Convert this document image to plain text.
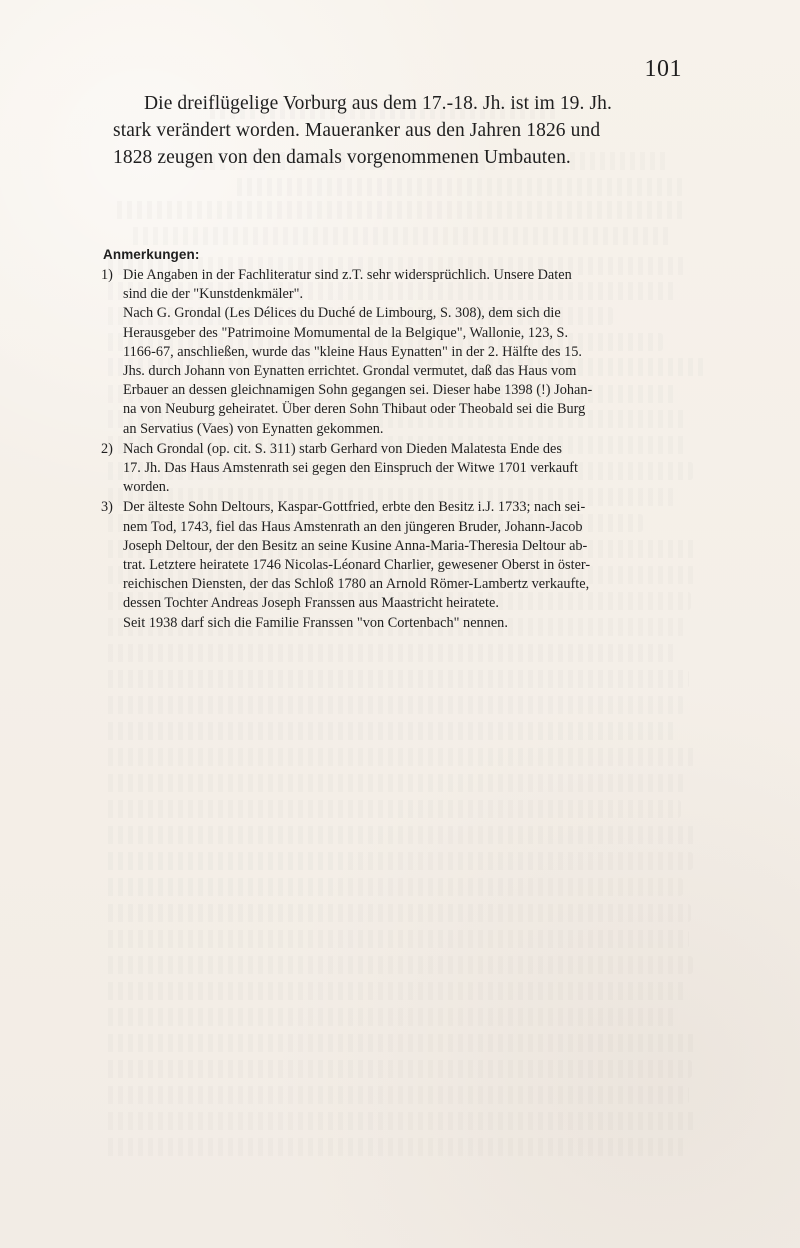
101

Die dreiflügelige Vorburg aus dem 17.-18. Jh. ist im 19. Jh.
stark verändert worden. Maueranker aus den Jahren 1826 und
1828 zeugen von den damals vorgenommenen Umbauten.

Anmerkungen:
1) Die Angaben in der Fachliteratur sind z.T. sehr widersprüchlich. Unsere Daten
sind die der "Kunstdenkmäler".
Nach G. Grondal (Les Délices du Duché de Limbourg, S. 308), dem sich die
Herausgeber des "Patrimoine Momumental de la Belgique", Wallonie, 123, S.
1166-67, anschließen, wurde das "kleine Haus Eynatten" in der 2. Hälfte des 15.
Jhs. durch Johann von Eynatten errichtet. Grondal vermutet, daß das Haus vom
Erbauer an dessen gleichnamigen Sohn gegangen sei. Dieser habe 1398 (!) Johan-
na von Neuburg geheiratet. Über deren Sohn Thibaut oder Theobald sei die Burg
an Servatius (Vaes) von Eynatten gekommen.
2) Nach Grondal (op. cit. S. 311) starb Gerhard von Dieden Malatesta Ende des
17. Jh. Das Haus Amstenrath sei gegen den Einspruch der Witwe 1701 verkauft
worden.
3) Der älteste Sohn Deltours, Kaspar-Gottfried, erbte den Besitz i.J. 1733; nach sei-
nem Tod, 1743, fiel das Haus Amstenrath an den jüngeren Bruder, Johann-Jacob
Joseph Deltour, der den Besitz an seine Kusine Anna-Maria-Theresia Deltour ab-
trat. Letztere heiratete 1746 Nicolas-Léonard Charlier, gewesener Oberst in öster-
reichischen Diensten, der das Schloß 1780 an Arnold Römer-Lambertz verkaufte,
dessen Tochter Andreas Joseph Franssen aus Maastricht heiratete.
Seit 1938 darf sich die Familie Franssen "von Cortenbach" nennen.
